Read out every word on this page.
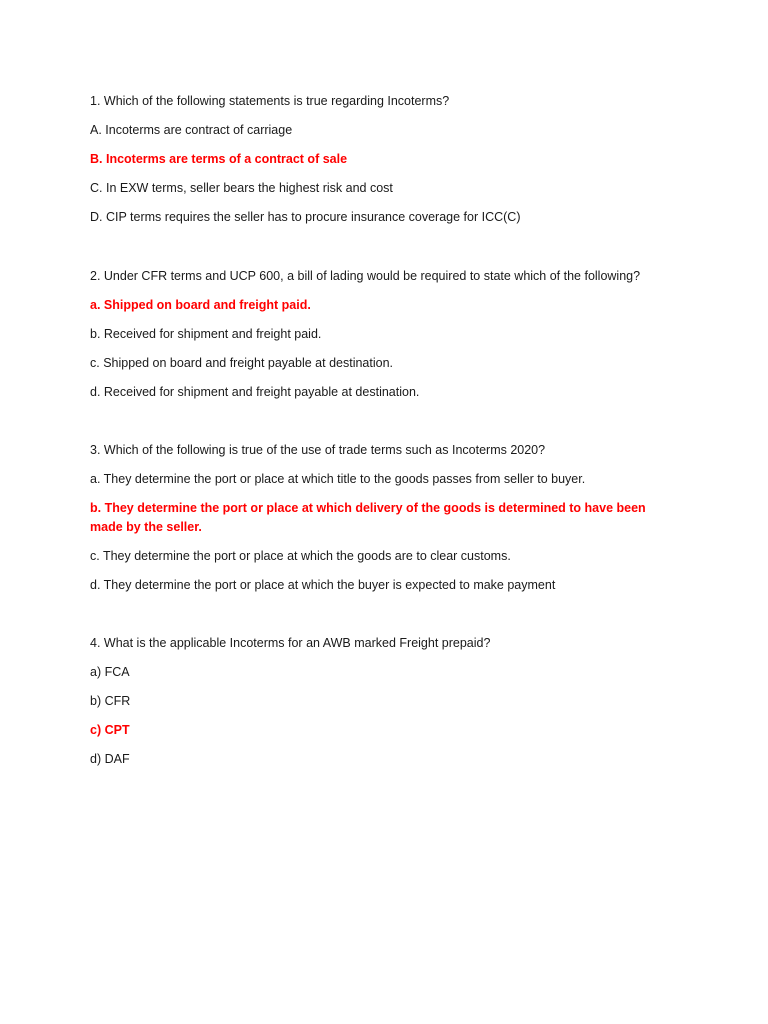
1. Which of the following statements is true regarding Incoterms?
A. Incoterms are contract of carriage
B. Incoterms are terms of a contract of sale
C. In EXW terms, seller bears the highest risk and cost
D. CIP terms requires the seller has to procure insurance coverage for ICC(C)
2. Under CFR terms and UCP 600, a bill of lading would be required to state which of the following?
a. Shipped on board and freight paid.
b. Received for shipment and freight paid.
c. Shipped on board and freight payable at destination.
d. Received for shipment and freight payable at destination.
3. Which of the following is true of the use of trade terms such as Incoterms 2020?
a. They determine the port or place at which title to the goods passes from seller to buyer.
b. They determine the port or place at which delivery of the goods is determined to have been made by the seller.
c. They determine the port or place at which the goods are to clear customs.
d. They determine the port or place at which the buyer is expected to make payment
4. What is the applicable Incoterms for an AWB marked Freight prepaid?
a) FCA
b) CFR
c) CPT
d) DAF
